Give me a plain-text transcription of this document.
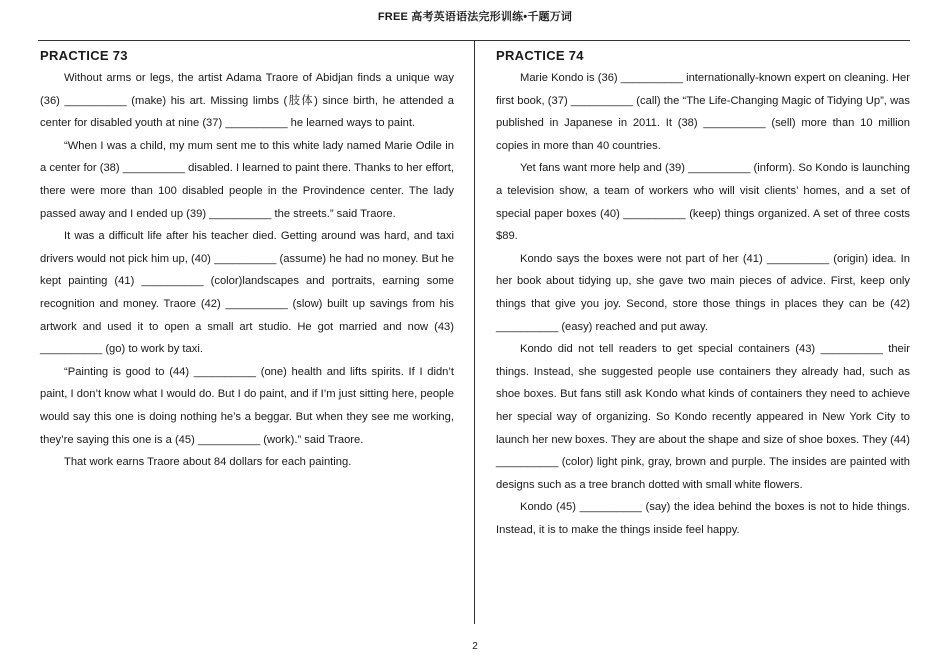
FREE 高考英语语法完形训练•千题万词
PRACTICE 73

Without arms or legs, the artist Adama Traore of Abidjan finds a unique way (36) __________ (make) his art. Missing limbs (肢体) since birth, he attended a center for disabled youth at nine (37) __________ he learned ways to paint.

“When I was a child, my mum sent me to this white lady named Marie Odile in a center for (38) __________ disabled. I learned to paint there. Thanks to her effort, there were more than 100 disabled people in the Provindence center. The lady passed away and I ended up (39) __________ the streets.” said Traore.

It was a difficult life after his teacher died. Getting around was hard, and taxi drivers would not pick him up, (40) __________ (assume) he had no money. But he kept painting (41) __________ (color)landscapes and portraits, earning some recognition and money. Traore (42) __________ (slow) built up savings from his artwork and used it to open a small art studio. He got married and now (43) __________ (go) to work by taxi.

“Painting is good to (44) __________ (one) health and lifts spirits. If I didn’t paint, I don’t know what I would do. But I do paint, and if I’m just sitting here, people would say this one is doing nothing he’s a beggar. But when they see me working, they’re saying this one is a (45) __________ (work).” said Traore.

That work earns Traore about 84 dollars for each painting.

PRACTICE 74

Marie Kondo is (36) __________ internationally-known expert on cleaning. Her first book, (37) __________ (call) the “The Life-Changing Magic of Tidying Up”, was published in Japanese in 2011. It (38) __________ (sell) more than 10 million copies in more than 40 countries.

Yet fans want more help and (39) __________ (inform). So Kondo is launching a television show, a team of workers who will visit clients’ homes, and a set of special paper boxes (40) __________ (keep) things organized. A set of three costs $89.

Kondo says the boxes were not part of her (41) __________ (origin) idea. In her book about tidying up, she gave two main pieces of advice. First, keep only things that give you joy. Second, store those things in places they can be (42) __________ (easy) reached and put away.

Kondo did not tell readers to get special containers (43) __________ their things. Instead, she suggested people use containers they already had, such as shoe boxes. But fans still ask Kondo what kinds of containers they need to achieve her special way of organizing. So Kondo recently appeared in New York City to launch her new boxes. They are about the shape and size of shoe boxes. They (44) __________ (color) light pink, gray, brown and purple. The insides are painted with designs such as a tree branch dotted with small white flowers.

Kondo (45) __________ (say) the idea behind the boxes is not to hide things. Instead, it is to make the things inside feel happy.

2
